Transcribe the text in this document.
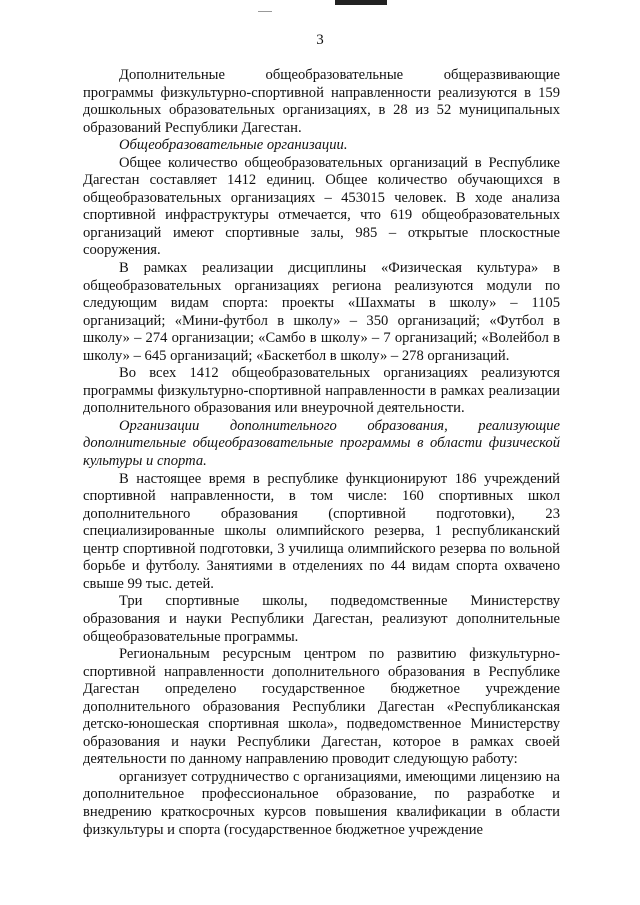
3

Дополнительные общеобразовательные общеразвивающие программы физкультурно-спортивной направленности реализуются в 159 дошкольных образовательных организациях, в 28 из 52 муниципальных образований Республики Дагестан.

Общеобразовательные организации.

Общее количество общеобразовательных организаций в Республике Дагестан составляет 1412 единиц. Общее количество обучающихся в общеобразовательных организациях – 453015 человек. В ходе анализа спортивной инфраструктуры отмечается, что 619 общеобразовательных организаций имеют спортивные залы, 985 – открытые плоскостные сооружения.

В рамках реализации дисциплины «Физическая культура» в общеобразовательных организациях региона реализуются модули по следующим видам спорта: проекты «Шахматы в школу» – 1105 организаций; «Мини-футбол в школу» – 350 организаций; «Футбол в школу» – 274 организации; «Самбо в школу» – 7 организаций; «Волейбол в школу» – 645 организаций; «Баскетбол в школу» – 278 организаций.

Во всех 1412 общеобразовательных организациях реализуются программы физкультурно-спортивной направленности в рамках реализации дополнительного образования или внеурочной деятельности.

Организации дополнительного образования, реализующие дополнительные общеобразовательные программы в области физической культуры и спорта.

В настоящее время в республике функционируют 186 учреждений спортивной направленности, в том числе: 160 спортивных школ дополнительного образования (спортивной подготовки), 23 специализированные школы олимпийского резерва, 1 республиканский центр спортивной подготовки, 3 училища олимпийского резерва по вольной борьбе и футболу. Занятиями в отделениях по 44 видам спорта охвачено свыше 99 тыс. детей.

Три спортивные школы, подведомственные Министерству образования и науки Республики Дагестан, реализуют дополнительные общеобразовательные программы.

Региональным ресурсным центром по развитию физкультурно-спортивной направленности дополнительного образования в Республике Дагестан определено государственное бюджетное учреждение дополнительного образования Республики Дагестан «Республиканская детско-юношеская спортивная школа», подведомственное Министерству образования и науки Республики Дагестан, которое в рамках своей деятельности по данному направлению проводит следующую работу:

организует сотрудничество с организациями, имеющими лицензию на дополнительное профессиональное образование, по разработке и внедрению краткосрочных курсов повышения квалификации в области физкультуры и спорта (государственное бюджетное учреждение
